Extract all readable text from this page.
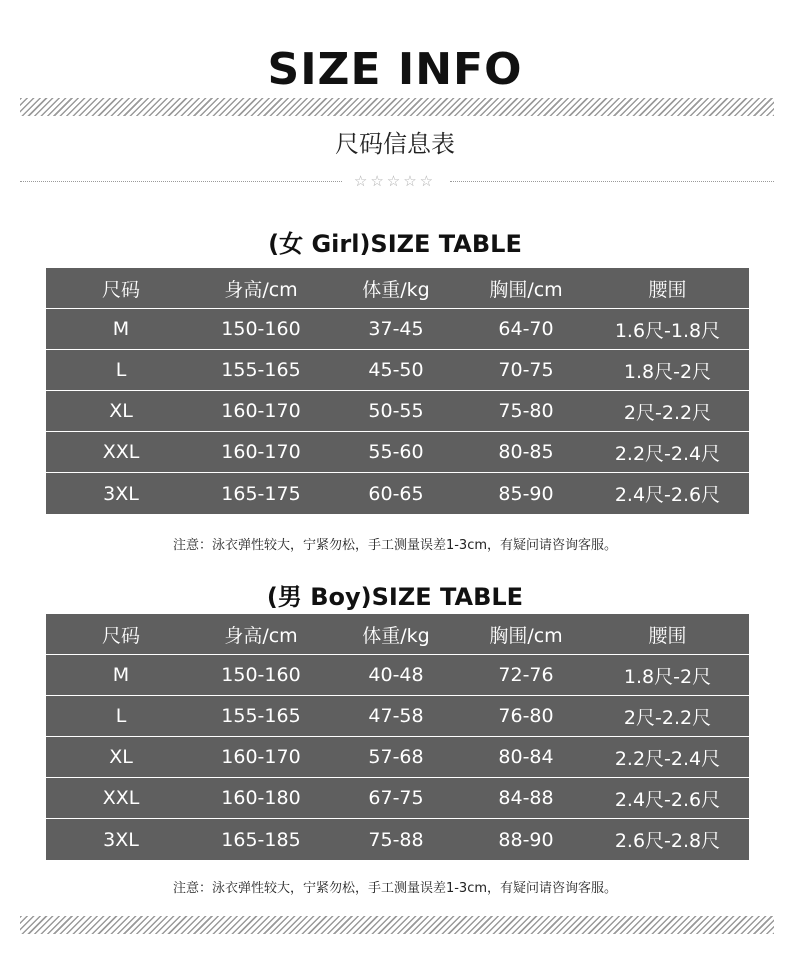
SIZE INFO
尺码信息表
☆☆☆☆☆
(女 Girl)SIZE TABLE
尺码	身高/cm	体重/kg	胸围/cm	腰围
M	150-160	37-45	64-70	1.6尺-1.8尺
L	155-165	45-50	70-75	1.8尺-2尺
XL	160-170	50-55	75-80	2尺-2.2尺
XXL	160-170	55-60	80-85	2.2尺-2.4尺
3XL	165-175	60-65	85-90	2.4尺-2.6尺
注意：泳衣弹性较大，宁紧勿松，手工测量误差1-3cm，有疑问请咨询客服。
(男 Boy)SIZE TABLE
尺码	身高/cm	体重/kg	胸围/cm	腰围
M	150-160	40-48	72-76	1.8尺-2尺
L	155-165	47-58	76-80	2尺-2.2尺
XL	160-170	57-68	80-84	2.2尺-2.4尺
XXL	160-180	67-75	84-88	2.4尺-2.6尺
3XL	165-185	75-88	88-90	2.6尺-2.8尺
注意：泳衣弹性较大，宁紧勿松，手工测量误差1-3cm，有疑问请咨询客服。
